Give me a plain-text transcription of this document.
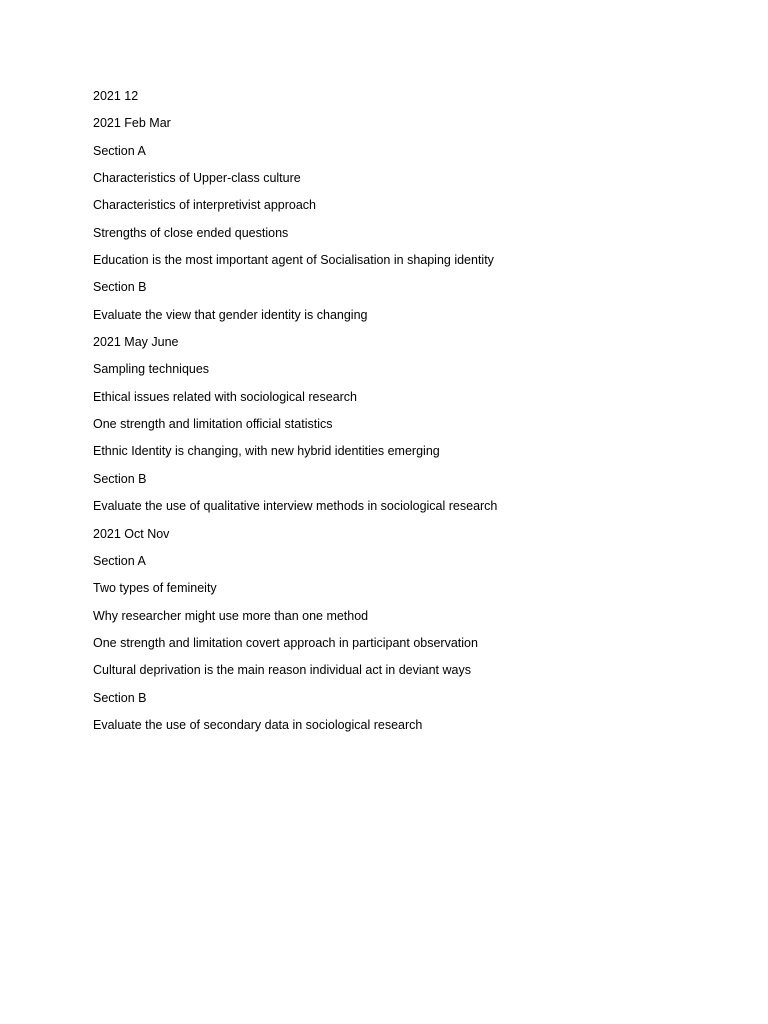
2021 12
2021 Feb Mar
Section A
Characteristics of Upper-class culture
Characteristics of interpretivist approach
Strengths of close ended questions
Education is the most important agent of Socialisation in shaping identity
Section B
Evaluate the view that gender identity is changing
2021 May June
Sampling techniques
Ethical issues related with sociological research
One strength and limitation official statistics
Ethnic Identity is changing, with new hybrid identities emerging
Section B
Evaluate the use of qualitative interview methods in sociological research
2021 Oct Nov
Section A
Two types of femineity
Why researcher might use more than one method
One strength and limitation covert approach in participant observation
Cultural deprivation is the main reason individual act in deviant ways
Section B
Evaluate the use of secondary data in sociological research
